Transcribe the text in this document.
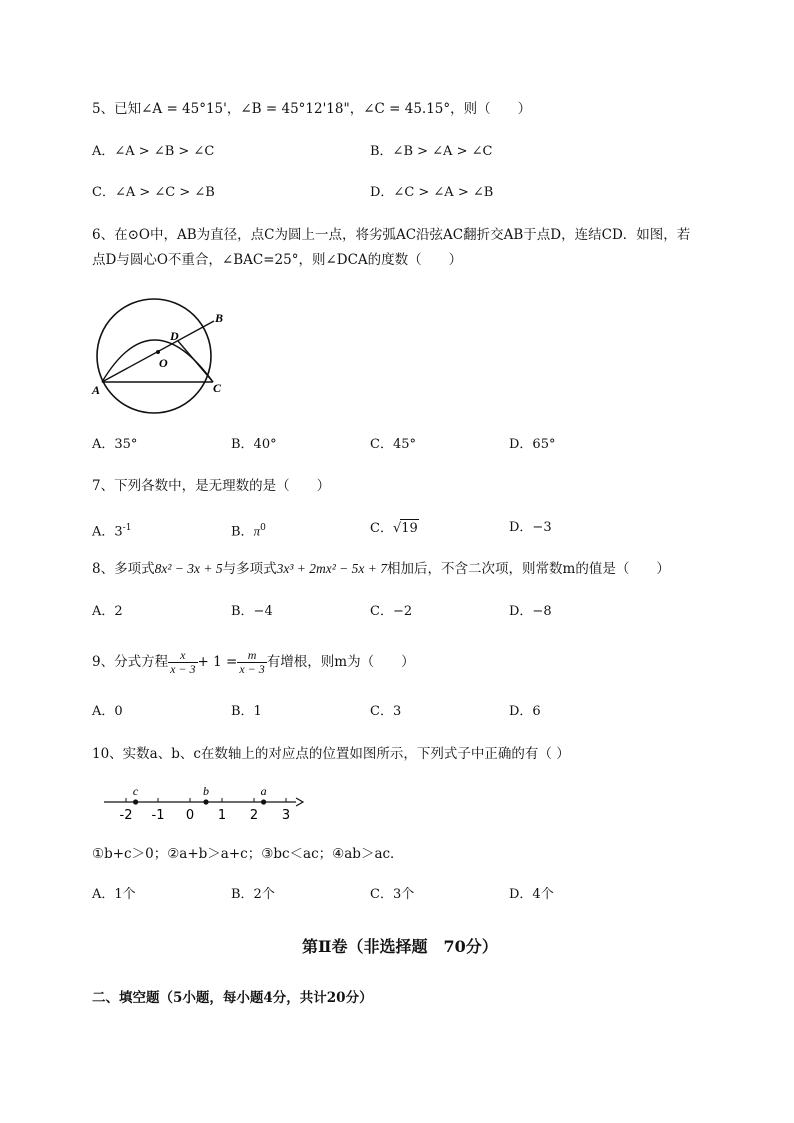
5、已知∠A = 45°15'，∠B = 45°12'18"，∠C = 45.15°，则（　　）
A．∠A > ∠B > ∠C	B．∠B > ∠A > ∠C
C．∠A > ∠C > ∠B	D．∠C > ∠A > ∠B
6、在⊙O中，AB为直径，点C为圆上一点，将劣弧AC沿弦AC翻折交AB于点D，连结CD．如图，若
点D与圆心O不重合，∠BAC=25°，则∠DCA的度数（　　）
A
B
C
D
O
A．35°	B．40°	C．45°	D．65°
7、下列各数中，是无理数的是（　　）
A．$3^{-1}$	B．$\pi^0$	C．√19	D．−3
8、多项式8x² − 3x + 5与多项式3x³ + 2mx² − 5x + 7相加后，不含二次项，则常数m的值是（　　）
A．2	B．−4	C．−2	D．−8
9、分式方程 $\frac{x}{x - 3} + 1 = \frac{m}{x - 3}$ 有增根，则m为（　　）
A．0	B．1	C．3	D．6
10、实数a、b、c在数轴上的对应点的位置如图所示，下列式子中正确的有（ ）
-2 -1 0 1 2 3
c	b	a
①b+c＞0；②a+b＞a+c；③bc＜ac；④ab＞ac．
A．1个	B．2个	C．3个	D．4个
第Ⅱ卷（非选择题　70分）
二、填空题（5小题，每小题4分，共计20分）
